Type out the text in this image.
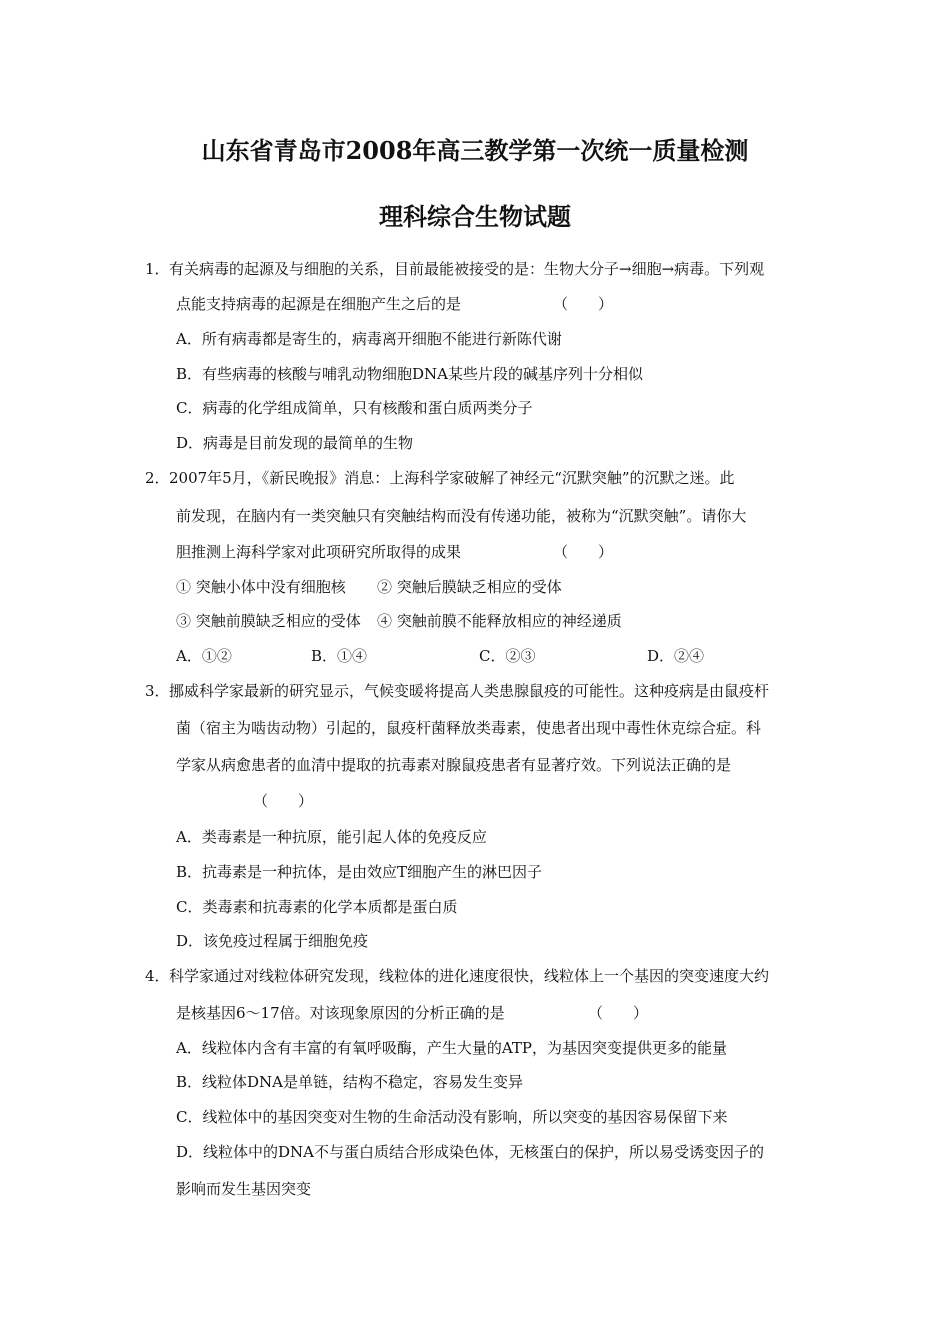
山东省青岛市2008年高三教学第一次统一质量检测
理科综合生物试题
1．有关病毒的起源及与细胞的关系，目前最能被接受的是：生物大分子→细胞→病毒。下列观
点能支持病毒的起源是在细胞产生之后的是	（　　）
A．所有病毒都是寄生的，病毒离开细胞不能进行新陈代谢
B．有些病毒的核酸与哺乳动物细胞DNA某些片段的碱基序列十分相似
C．病毒的化学组成简单，只有核酸和蛋白质两类分子
D．病毒是目前发现的最简单的生物
2．2007年5月，《新民晚报》消息：上海科学家破解了神经元“沉默突触”的沉默之迷。此
前发现，在脑内有一类突触只有突触结构而没有传递功能，被称为“沉默突触”。请你大
胆推测上海科学家对此项研究所取得的成果	（　　）
① 突触小体中没有细胞核 ② 突触后膜缺乏相应的受体
③ 突触前膜缺乏相应的受体 ④ 突触前膜不能释放相应的神经递质
A．①②	B．①④	C．②③	D．②④
3．挪威科学家最新的研究显示，气候变暖将提高人类患腺鼠疫的可能性。这种疫病是由鼠疫杆
菌（宿主为啮齿动物）引起的，鼠疫杆菌释放类毒素，使患者出现中毒性休克综合症。科
学家从病愈患者的血清中提取的抗毒素对腺鼠疫患者有显著疗效。下列说法正确的是
（　　）
A．类毒素是一种抗原，能引起人体的免疫反应
B．抗毒素是一种抗体，是由效应T细胞产生的淋巴因子
C．类毒素和抗毒素的化学本质都是蛋白质
D．该免疫过程属于细胞免疫
4．科学家通过对线粒体研究发现，线粒体的进化速度很快，线粒体上一个基因的突变速度大约
是核基因6～17倍。对该现象原因的分析正确的是	（　　）
A．线粒体内含有丰富的有氧呼吸酶，产生大量的ATP，为基因突变提供更多的能量
B．线粒体DNA是单链，结构不稳定，容易发生变异
C．线粒体中的基因突变对生物的生命活动没有影响，所以突变的基因容易保留下来
D．线粒体中的DNA不与蛋白质结合形成染色体，无核蛋白的保护，所以易受诱变因子的
影响而发生基因突变
